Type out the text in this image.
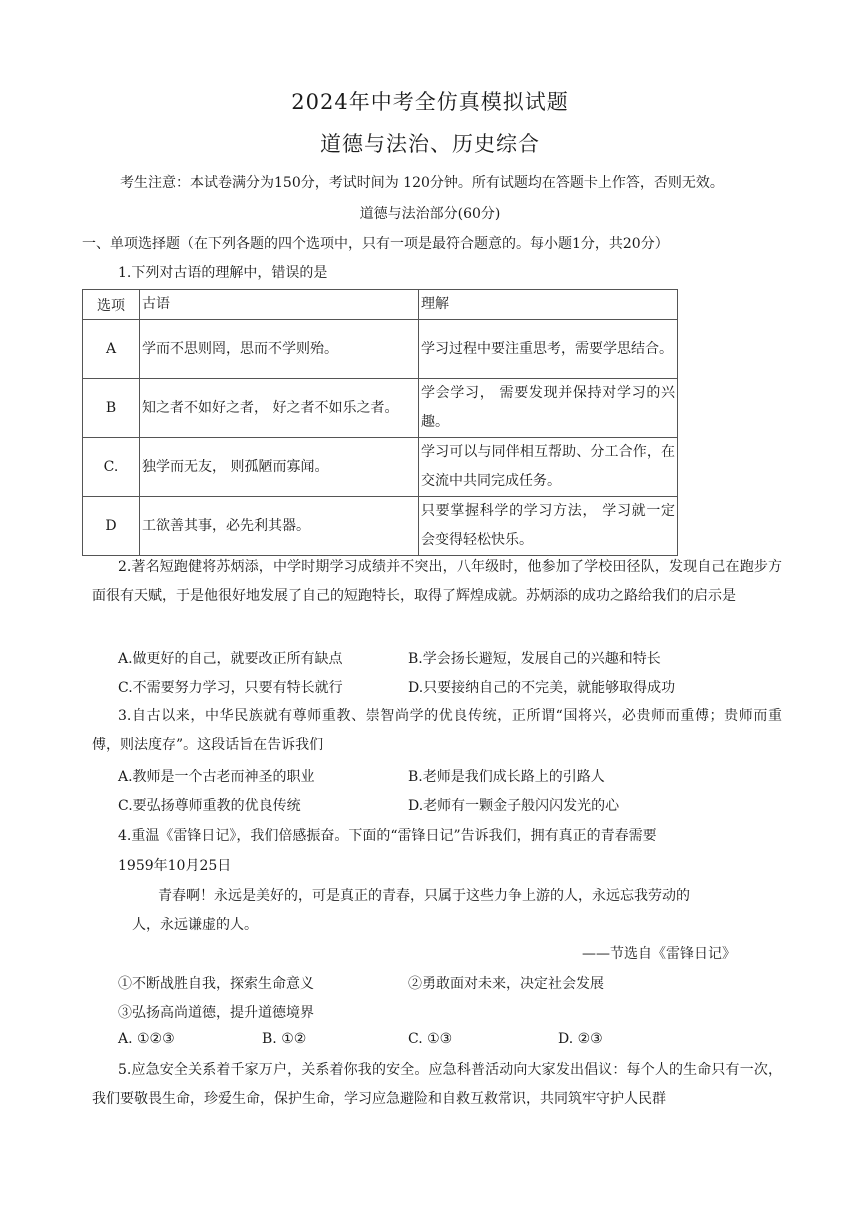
2024年中考全仿真模拟试题
道德与法治、历史综合
考生注意：本试卷满分为150分，考试时间为 120分钟。所有试题均在答题卡上作答，否则无效。
道德与法治部分(60分)
一、单项选择题（在下列各题的四个选项中，只有一项是最符合题意的。每小题1分，共20分）
1.下列对古语的理解中，错误的是
选项	古语	理解
A	学而不思则罔，思而不学则殆。	学习过程中要注重思考，需要学思结合。
B	知之者不如好之者， 好之者不如乐之者。	学会学习， 需要发现并保持对学习的兴趣。
C.	独学而无友， 则孤陋而寡闻。	学习可以与同伴相互帮助、分工合作，在交流中共同完成任务。
D	工欲善其事，必先利其器。	只要掌握科学的学习方法， 学习就一定会变得轻松快乐。
2.著名短跑健将苏炳添，中学时期学习成绩并不突出，八年级时，他参加了学校田径队，发现自己在跑步方面很有天赋，于是他很好地发展了自己的短跑特长，取得了辉煌成就。苏炳添的成功之路给我们的启示是
A.做更好的自己，就要改正所有缺点	B.学会扬长避短，发展自己的兴趣和特长
C.不需要努力学习，只要有特长就行	D.只要接纳自己的不完美，就能够取得成功
3.自古以来，中华民族就有尊师重教、崇智尚学的优良传统，正所谓“国将兴，必贵师而重傅；贵师而重傅，则法度存”。这段话旨在告诉我们
A.教师是一个古老而神圣的职业	B.老师是我们成长路上的引路人
C.要弘扬尊师重教的优良传统	D.老师有一颗金子般闪闪发光的心
4.重温《雷锋日记》，我们倍感振奋。下面的“雷锋日记”告诉我们，拥有真正的青春需要
1959年10月25日
青春啊！永远是美好的，可是真正的青春，只属于这些力争上游的人，永远忘我劳动的
人，永远谦虚的人。
——节选自《雷锋日记》
①不断战胜自我，探索生命意义	②勇敢面对未来，决定社会发展
③弘扬高尚道德，提升道德境界
A. ①②③	B. ①②	C. ①③	D. ②③
5.应急安全关系着千家万户，关系着你我的安全。应急科普活动向大家发出倡议：每个人的生命只有一次，我们要敬畏生命，珍爱生命，保护生命，学习应急避险和自救互救常识，共同筑牢守护人民群
